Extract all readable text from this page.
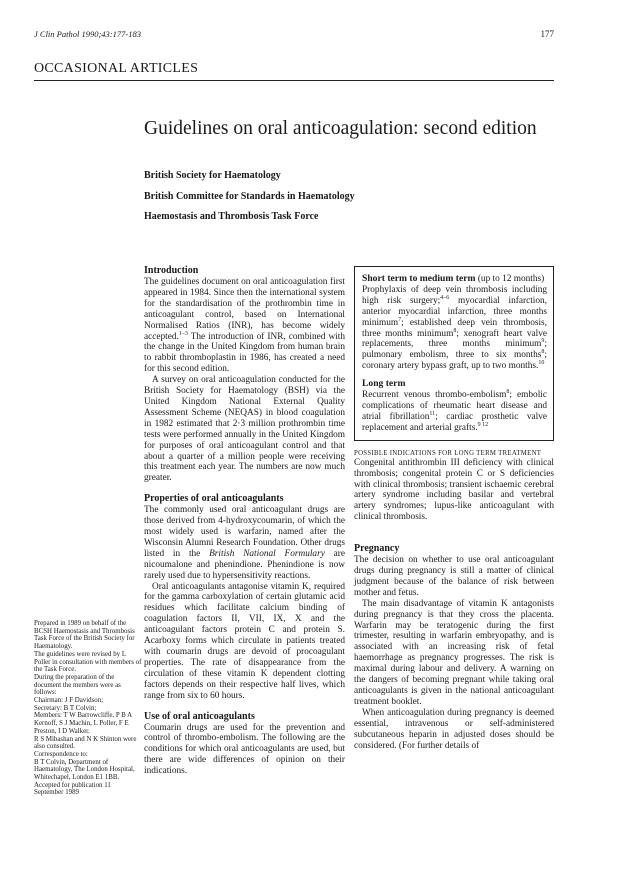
J Clin Pathol 1990;43:177-183	177
OCCASIONAL ARTICLES
Guidelines on oral anticoagulation: second edition
British Society for Haematology
British Committee for Standards in Haematology
Haemostasis and Thrombosis Task Force
Introduction

The guidelines document on oral anticoagulation first appeared in 1984. Since then the international system for the standardisation of the prothrombin time in anticoagulant control, based on International Normalised Ratios (INR), has become widely accepted.$^{1-3}$ The introduction of INR, combined with the change in the United Kingdom from human brain to rabbit thromboplastin in 1986, has created a need for this second edition.

A survey on oral anticoagulation conducted for the British Society for Haematology (BSH) via the United Kingdom National External Quality Assessment Scheme (NEQAS) in blood coagulation in 1982 estimated that 2·3 million prothrombin time tests were performed annually in the United Kingdom for purposes of oral anticoagulant control and that about a quarter of a million people were receiving this treatment each year. The numbers are now much greater.

Properties of oral anticoagulants

The commonly used oral anticoagulant drugs are those derived from 4-hydroxycoumarin, of which the most widely used is warfarin, named after the Wisconsin Alumni Research Foundation. Other drugs listed in the British National Formulary are nicoumalone and phenindione. Phenindione is now rarely used due to hypersensitivity reactions.

Oral anticoagulants antagonise vitamin K, required for the gamma carboxylation of certain glutamic acid residues which facilitate calcium binding of coagulation factors II, VII, IX, X and the anticoagulant factors protein C and protein S. Acarboxy forms which circulate in patients treated with coumarin drugs are devoid of procoagulant properties. The rate of disappearance from the circulation of these vitamin K dependent clotting factors depends on their respective half lives, which range from six to 60 hours.

Use of oral anticoagulants

Coumarin drugs are used for the prevention and control of thrombo-embolism. The following are the conditions for which oral anticoagulants are used, but there are wide differences of opinion on their indications.

Short term to medium term (up to 12 months)

Prophylaxis of deep vein thrombosis including high risk surgery;$^{4-6}$ myocardial infarction, anterior myocardial infarction, three months minimum$^7$; established deep vein thrombosis, three months minimum$^8$; xenograft heart valve replacements, three months minimum$^9$; pulmonary embolism, three to six months$^8$; coronary artery bypass graft, up to two months.$^{10}$

Long term

Recurrent venous thrombo-embolism$^8$; embolic complications of rheumatic heart disease and atrial fibrillation$^{11}$; cardiac prosthetic valve replacement and arterial grafts.$^{9 12}$

POSSIBLE INDICATIONS FOR LONG TERM TREATMENT

Congenital antithrombin III deficiency with clinical thrombosis; congenital protein C or S deficiencies with clinical thrombosis; transient ischaemic cerebral artery syndrome including basilar and vertebral artery syndromes; lupus-like anticoagulant with clinical thrombosis.

Pregnancy

The decision on whether to use oral anticoagulant drugs during pregnancy is still a matter of clinical judgment because of the balance of risk between mother and fetus.

The main disadvantage of vitamin K antagonists during pregnancy is that they cross the placenta. Warfarin may be teratogenic during the first trimester, resulting in warfarin embryopathy, and is associated with an increasing risk of fetal haemorrhage as pregnancy progresses. The risk is maximal during labour and delivery. A warning on the dangers of becoming pregnant while taking oral anticoagulants is given in the national anticoagulant treatment booklet.

When anticoagulation during pregnancy is deemed essential, intravenous or self-administered subcutaneous heparin in adjusted doses should be considered. (For further details of

Prepared in 1989 on behalf of the BCSH Haemostasis and Thrombosis Task Force of the British Society for Haematology.

The guidelines were revised by L Poller in consultation with members of the Task Force.

During the preparation of the document the members were as follows:

Chairman: J F Davidson;

Secretary: B T Colvin;

Members: T W Barrowcliffe, P B A Kernoff, S J Machin, L Poller, F E Preston, I D Walker.

R S Mibashan and N K Shinton were also consulted.

Correspondence to:

B T Colvin, Department of Haematology, The London Hospital, Whitechapel, London E1 1BB.

Accepted for publication 11 September 1989
